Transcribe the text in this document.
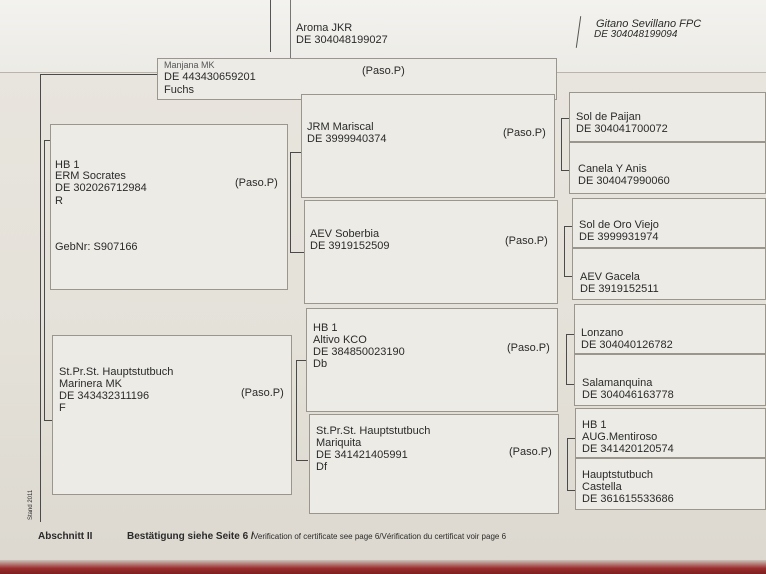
Aroma JKR
DE 304048199027
Gitano Sevillano FPC
DE 304048199094
Manjana MK
DE 443430659201
Fuchs
(Paso.P)
HB 1
ERM Socrates
DE 302026712984
R
(Paso.P)
GebNr: S907166
St.Pr.St. Hauptstutbuch
Marinera MK
DE 343432311196
F
(Paso.P)
JRM Mariscal
DE 3999940374	(Paso.P)
AEV Soberbia
DE 3919152509	(Paso.P)
HB 1
Altivo KCO
DE 384850023190
Db
(Paso.P)
St.Pr.St. Hauptstutbuch
Mariquita
DE 341421405991
Df
(Paso.P)
Sol de Paijan
DE 304041700072
Canela Y Anis
DE 304047990060
Sol de Oro Viejo
DE 3999931974
AEV Gacela
DE 3919152511
Lonzano
DE 304040126782
Salamanquina
DE 304046163778
HB 1
AUG.Mentiroso
DE 341420120574
Hauptstutbuch
Castella
DE 361615533686
Stand 2011
Abschnitt II	Bestätigung siehe Seite 6 / Verification of certificate see page 6/Vérification du certificat voir page 6
